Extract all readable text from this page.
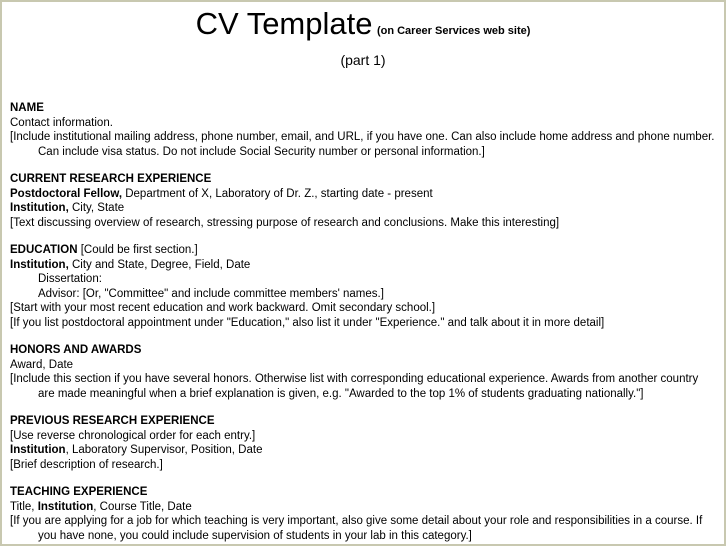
CV Template (on Career Services web site)
(part 1)
NAME
Contact information.
[Include institutional mailing address, phone number, email, and URL, if you have one. Can also include home address and phone number. Can include visa status. Do not include Social Security number or personal information.]
CURRENT RESEARCH EXPERIENCE
Postdoctoral Fellow, Department of X, Laboratory of Dr. Z., starting date - present
Institution, City, State
[Text discussing overview of research, stressing purpose of research and conclusions. Make this interesting]
EDUCATION [Could be first section.]
Institution, City and State, Degree, Field, Date
Dissertation:
Advisor: [Or, "Committee" and include committee members' names.]
[Start with your most recent education and work backward. Omit secondary school.]
[If you list postdoctoral appointment under "Education," also list it under "Experience." and talk about it in more detail]
HONORS AND AWARDS
Award, Date
[Include this section if you have several honors. Otherwise list with corresponding educational experience. Awards from another country are made meaningful when a brief explanation is given, e.g. "Awarded to the top 1% of students graduating nationally."]
PREVIOUS RESEARCH EXPERIENCE
[Use reverse chronological order for each entry.]
Institution, Laboratory Supervisor, Position, Date
[Brief description of research.]
TEACHING EXPERIENCE
Title, Institution, Course Title, Date
[If you are applying for a job for which teaching is very important, also give some detail about your role and responsibilities in a course. If you have none, you could include supervision of students in your lab in this category.]
